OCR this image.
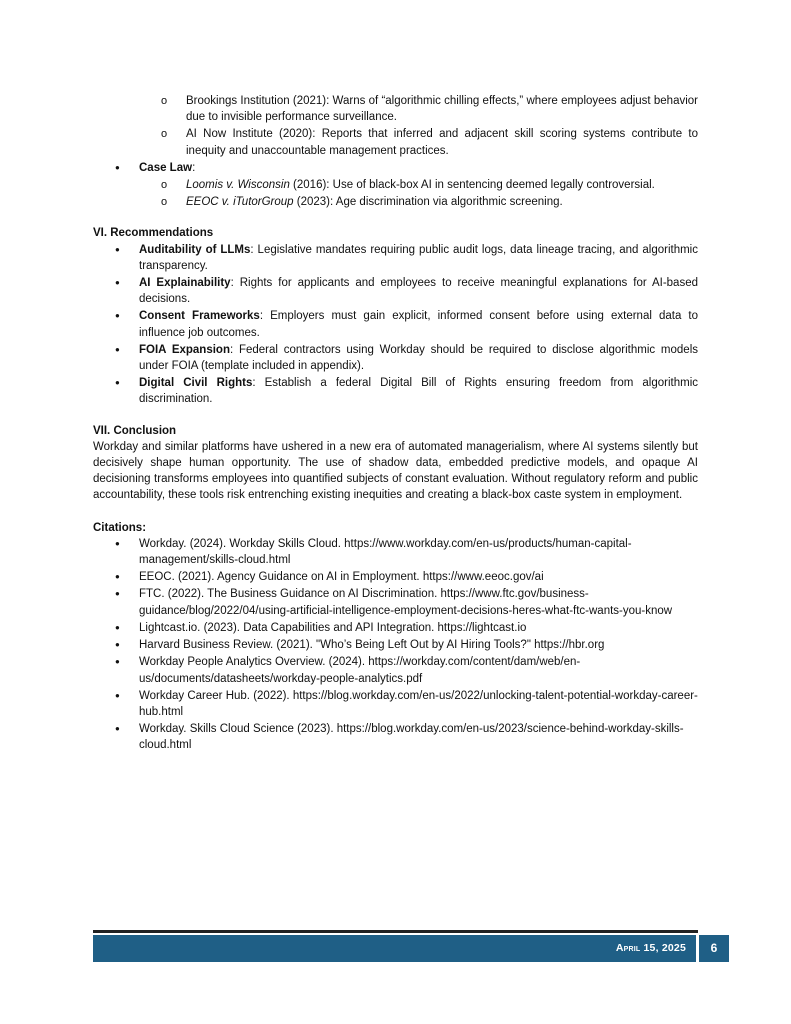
o Brookings Institution (2021): Warns of “algorithmic chilling effects,” where employees adjust behavior due to invisible performance surveillance.
o AI Now Institute (2020): Reports that inferred and adjacent skill scoring systems contribute to inequity and unaccountable management practices.
● Case Law:
o Loomis v. Wisconsin (2016): Use of black-box AI in sentencing deemed legally controversial.
o EEOC v. iTutorGroup (2023): Age discrimination via algorithmic screening.

VI. Recommendations

● Auditability of LLMs: Legislative mandates requiring public audit logs, data lineage tracing, and algorithmic transparency.
● AI Explainability: Rights for applicants and employees to receive meaningful explanations for AI-based decisions.
● Consent Frameworks: Employers must gain explicit, informed consent before using external data to influence job outcomes.
● FOIA Expansion: Federal contractors using Workday should be required to disclose algorithmic models under FOIA (template included in appendix).
● Digital Civil Rights: Establish a federal Digital Bill of Rights ensuring freedom from algorithmic discrimination.

VII. Conclusion

Workday and similar platforms have ushered in a new era of automated managerialism, where AI systems silently but decisively shape human opportunity. The use of shadow data, embedded predictive models, and opaque AI decisioning transforms employees into quantified subjects of constant evaluation. Without regulatory reform and public accountability, these tools risk entrenching existing inequities and creating a black-box caste system in employment.

Citations:

● Workday. (2024). Workday Skills Cloud. https://www.workday.com/en-us/products/human-capital-management/skills-cloud.html
● EEOC. (2021). Agency Guidance on AI in Employment. https://www.eeoc.gov/ai
● FTC. (2022). The Business Guidance on AI Discrimination. https://www.ftc.gov/business-guidance/blog/2022/04/using-artificial-intelligence-employment-decisions-heres-what-ftc-wants-you-know
● Lightcast.io. (2023). Data Capabilities and API Integration. https://lightcast.io
● Harvard Business Review. (2021). "Who’s Being Left Out by AI Hiring Tools?" https://hbr.org
● Workday People Analytics Overview. (2024). https://workday.com/content/dam/web/en-us/documents/datasheets/workday-people-analytics.pdf
● Workday Career Hub. (2022). https://blog.workday.com/en-us/2022/unlocking-talent-potential-workday-career-hub.html
● Workday. Skills Cloud Science (2023). https://blog.workday.com/en-us/2023/science-behind-workday-skills-cloud.html
April 15, 2025	6
